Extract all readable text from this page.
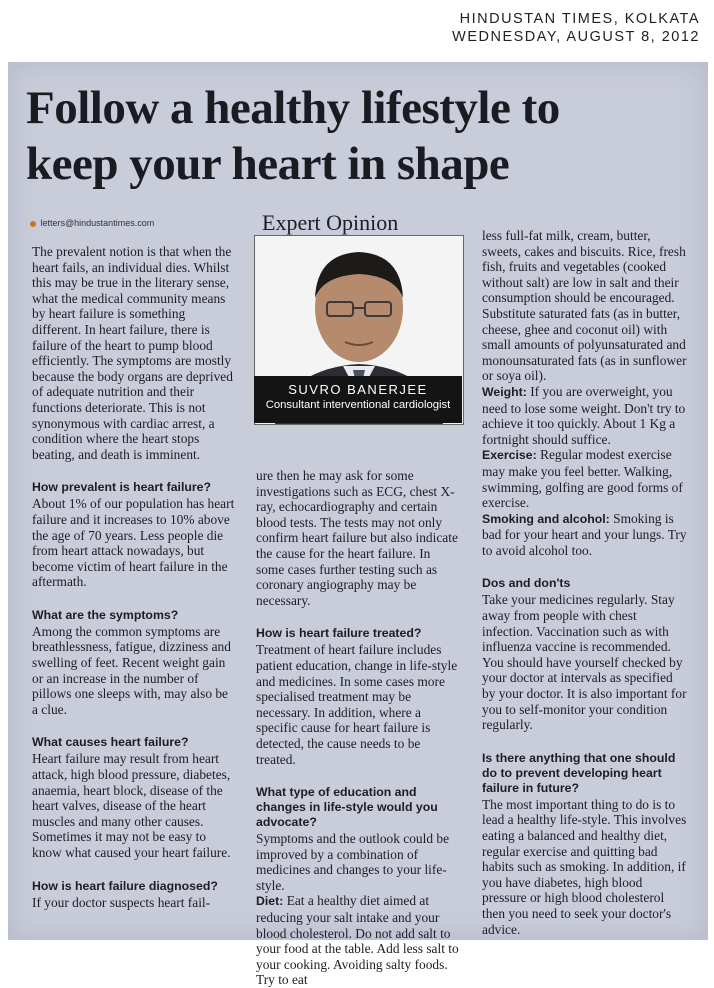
HINDUSTAN TIMES, KOLKATA
WEDNESDAY, AUGUST 8, 2012
Follow a healthy lifestyle to
keep your heart in shape
letters@hindustantimes.com	Expert Opinion
SUVRO BANERJEE
Consultant interventional cardiologist

The prevalent notion is that when the heart fails, an individual dies. Whilst this may be true in the literary sense, what the medical community means by heart failure is something different. In heart failure, there is failure of the heart to pump blood efficiently. The symptoms are mostly because the body organs are deprived of adequate nutrition and their functions deteriorate. This is not synonymous with cardiac arrest, a condition where the heart stops beating, and death is imminent.

How prevalent is heart failure?

About 1% of our population has heart failure and it increases to 10% above the age of 70 years. Less people die from heart attack nowadays, but become victim of heart failure in the aftermath.

What are the symptoms?

Among the common symptoms are breathlessness, fatigue, dizziness and swelling of feet. Recent weight gain or an increase in the number of pillows one sleeps with, may also be a clue.

What causes heart failure?

Heart failure may result from heart attack, high blood pressure, diabetes, anaemia, heart block, disease of the heart valves, disease of the heart muscles and many other causes. Sometimes it may not be easy to know what caused your heart failure.

How is heart failure diagnosed?

If your doctor suspects heart fail-

ure then he may ask for some investigations such as ECG, chest X-ray, echocardiography and certain blood tests. The tests may not only confirm heart failure but also indicate the cause for the heart failure. In some cases further testing such as coronary angiography may be necessary.

How is heart failure treated?

Treatment of heart failure includes patient education, change in life-style and medicines. In some cases more specialised treatment may be necessary. In addition, where a specific cause for heart failure is detected, the cause needs to be treated.

What type of education and changes in life-style would you advocate?

Symptoms and the outlook could be improved by a combination of medicines and changes to your life-style.

Diet: Eat a healthy diet aimed at reducing your salt intake and your blood cholesterol. Do not add salt to your food at the table. Add less salt to your cooking. Avoiding salty foods. Try to eat

less full-fat milk, cream, butter, sweets, cakes and biscuits. Rice, fresh fish, fruits and vegetables (cooked without salt) are low in salt and their consumption should be encouraged. Substitute saturated fats (as in butter, cheese, ghee and coconut oil) with small amounts of polyunsaturated and monounsaturated fats (as in sunflower or soya oil).

Weight: If you are overweight, you need to lose some weight. Don't try to achieve it too quickly. About 1 Kg a fortnight should suffice.

Exercise: Regular modest exercise may make you feel better. Walking, swimming, golfing are good forms of exercise.

Smoking and alcohol: Smoking is bad for your heart and your lungs. Try to avoid alcohol too.

Dos and don'ts

Take your medicines regularly. Stay away from people with chest infection. Vaccination such as with influenza vaccine is recommended. You should have yourself checked by your doctor at intervals as specified by your doctor. It is also important for you to self-monitor your condition regularly.

Is there anything that one should do to prevent developing heart failure in future?

The most important thing to do is to lead a healthy life-style. This involves eating a balanced and healthy diet, regular exercise and quitting bad habits such as smoking. In addition, if you have diabetes, high blood pressure or high blood cholesterol then you need to seek your doctor's advice.
